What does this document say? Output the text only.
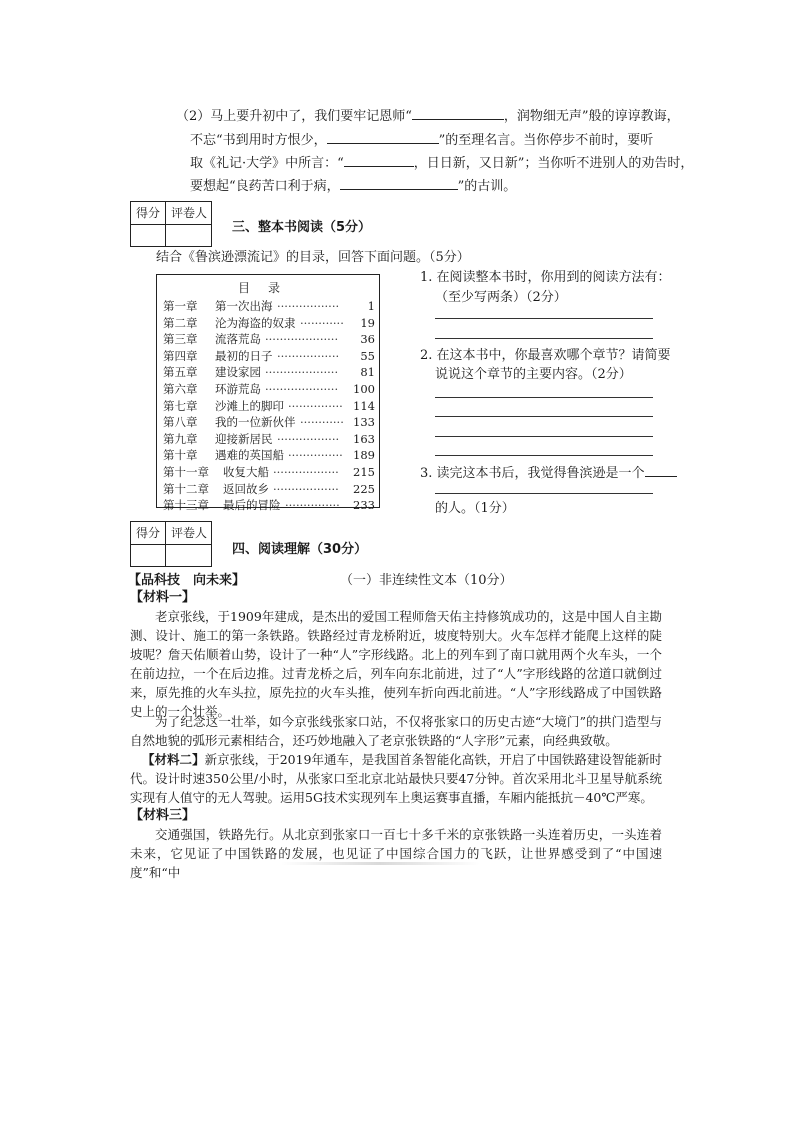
（2）马上要升初中了，我们要牢记恩师“	，润物细无声”般的谆谆教诲，
不忘“书到用时方恨少，	”的至理名言。当你停步不前时，要听
取《礼记·大学》中所言：“	，日日新，又日新”；当你听不进别人的劝告时，
要想起“良药苦口利于病，	”的古训。
得分 评卷人
三、整本书阅读（5分）
结合《鲁滨逊漂流记》的目录，回答下面问题。（5分）
目录
第一章 第一次出海 ·················	1
第二章 沦为海盗的奴隶 ············	19
第三章 流落荒岛 ····················	36
第四章 最初的日子 ·················	55
第五章 建设家园 ····················	81
第六章 环游荒岛 ····················	100
第七章 沙滩上的脚印 ··············· 114
第八章 我的一位新伙伴 ············ 133
第九章 迎接新居民 ·················	163
第十章 遇难的英国船 ··············· 189
第十一章 收复大船 ··················	215
第十二章 返回故乡 ··················	225
第十三章 最后的冒险 ···············	233
1. 在阅读整本书时，你用到的阅读方法有：
（至少写两条）（2分）
2. 在这本书中，你最喜欢哪个章节？请简要
说说这个章节的主要内容。（2分）
3. 读完这本书后，我觉得鲁滨逊是一个
的人。（1分）
得分 评卷人
四、阅读理解（30分）
【品科技　向未来】	（一）非连续性文本（10分）
【材料一】
老京张线，于1909年建成，是杰出的爱国工程师詹天佑主持修筑成功的，这是中国人自主勘测、设计、施工的第一条铁路。铁路经过青龙桥附近，坡度特别大。火车怎样才能爬上这样的陡坡呢？詹天佑顺着山势，设计了一种“人”字形线路。北上的列车到了南口就用两个火车头，一个在前边拉，一个在后边推。过青龙桥之后，列车向东北前进，过了“人”字形线路的岔道口就倒过来，原先推的火车头拉，原先拉的火车头推，使列车折向西北前进。“人”字形线路成了中国铁路史上的一个壮举。
为了纪念这一壮举，如今京张线张家口站，不仅将张家口的历史古迹“大境门”的拱门造型与自然地貌的弧形元素相结合，还巧妙地融入了老京张铁路的“人字形”元素，向经典致敬。
【材料二】新京张线，于2019年通车，是我国首条智能化高铁，开启了中国铁路建设智能新时代。设计时速350公里/小时，从张家口至北京北站最快只要47分钟。首次采用北斗卫星导航系统实现有人值守的无人驾驶。运用5G技术实现列车上奥运赛事直播，车厢内能抵抗－40℃严寒。
【材料三】
交通强国，铁路先行。从北京到张家口一百七十多千米的京张铁路一头连着历史，一头连着未来，它见证了中国铁路的发展，也见证了中国综合国力的飞跃，让世界感受到了“中国速度”和“中
